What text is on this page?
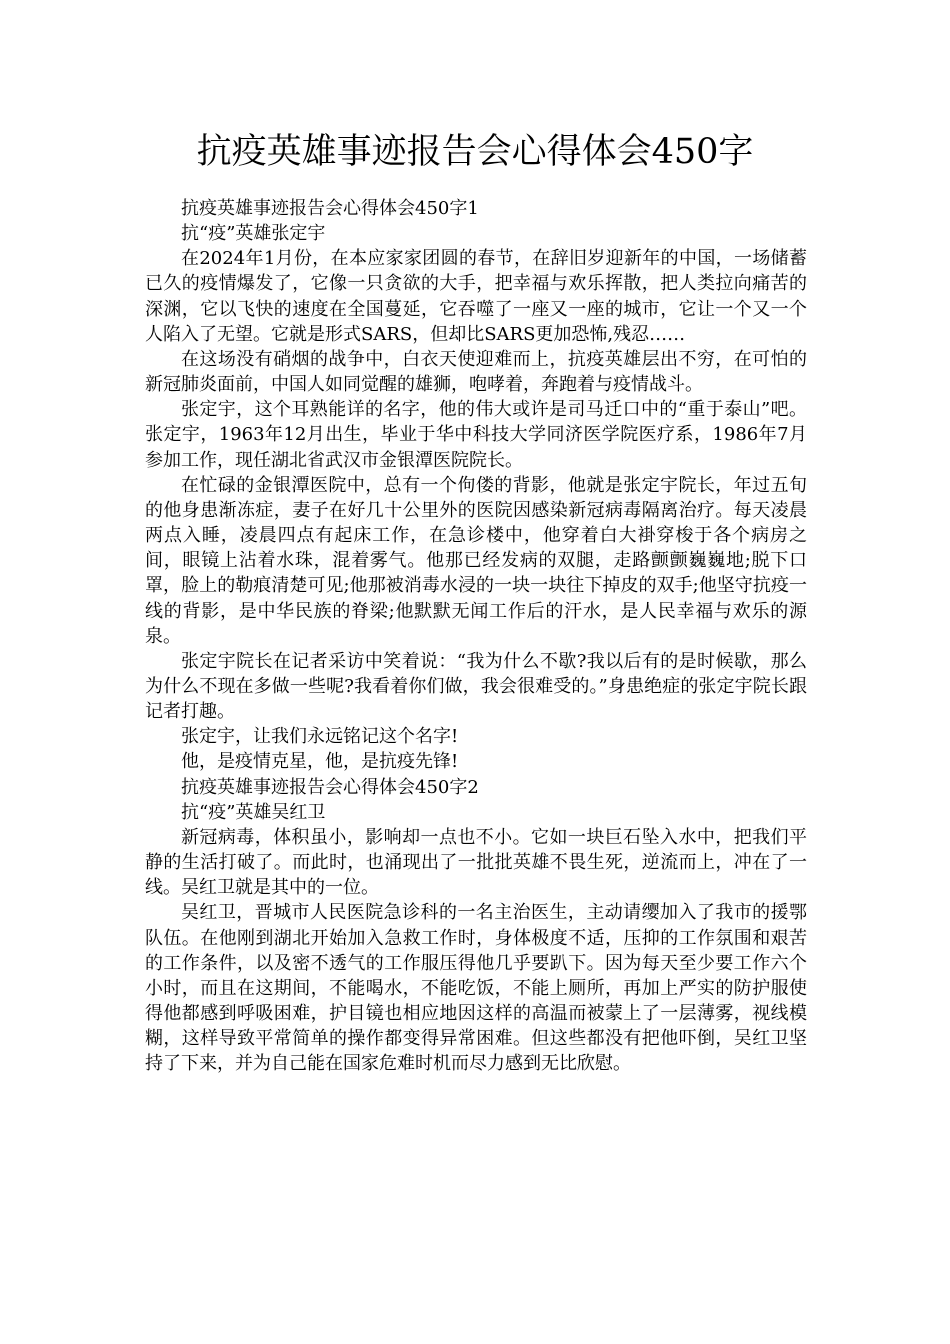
抗疫英雄事迹报告会心得体会450字

抗疫英雄事迹报告会心得体会450字1

抗“疫”英雄张定宇

在2024年1月份，在本应家家团圆的春节，在辞旧岁迎新年的中国，一场储蓄已久的疫情爆发了，它像一只贪欲的大手，把幸福与欢乐挥散，把人类拉向痛苦的深渊，它以飞快的速度在全国蔓延，它吞噬了一座又一座的城市，它让一个又一个人陷入了无望。它就是形式SARS，但却比SARS更加恐怖,残忍……

在这场没有硝烟的战争中，白衣天使迎难而上，抗疫英雄层出不穷，在可怕的新冠肺炎面前，中国人如同觉醒的雄狮，咆哮着，奔跑着与疫情战斗。

张定宇，这个耳熟能详的名字，他的伟大或许是司马迁口中的“重于泰山”吧。张定宇，1963年12月出生，毕业于华中科技大学同济医学院医疗系，1986年7月参加工作，现任湖北省武汉市金银潭医院院长。

在忙碌的金银潭医院中，总有一个佝偻的背影，他就是张定宇院长，年过五旬的他身患渐冻症，妻子在好几十公里外的医院因感染新冠病毒隔离治疗。每天凌晨两点入睡，凌晨四点有起床工作，在急诊楼中，他穿着白大褂穿梭于各个病房之间，眼镜上沾着水珠，混着雾气。他那已经发病的双腿，走路颤颤巍巍地;脱下口罩，脸上的勒痕清楚可见;他那被消毒水浸的一块一块往下掉皮的双手;他坚守抗疫一线的背影，是中华民族的脊梁;他默默无闻工作后的汗水，是人民幸福与欢乐的源泉。

张定宇院长在记者采访中笑着说：“我为什么不歇?我以后有的是时候歇，那么为什么不现在多做一些呢?我看着你们做，我会很难受的。”身患绝症的张定宇院长跟记者打趣。

张定宇，让我们永远铭记这个名字!

他，是疫情克星，他，是抗疫先锋!

抗疫英雄事迹报告会心得体会450字2

抗“疫”英雄吴红卫

新冠病毒，体积虽小，影响却一点也不小。它如一块巨石坠入水中，把我们平静的生活打破了。而此时，也涌现出了一批批英雄不畏生死，逆流而上，冲在了一线。吴红卫就是其中的一位。

吴红卫，晋城市人民医院急诊科的一名主治医生，主动请缨加入了我市的援鄂队伍。在他刚到湖北开始加入急救工作时，身体极度不适，压抑的工作氛围和艰苦的工作条件，以及密不透气的工作服压得他几乎要趴下。因为每天至少要工作六个小时，而且在这期间，不能喝水，不能吃饭，不能上厕所，再加上严实的防护服使得他都感到呼吸困难，护目镜也相应地因这样的高温而被蒙上了一层薄雾，视线模糊，这样导致平常简单的操作都变得异常困难。但这些都没有把他吓倒，吴红卫坚持了下来，并为自己能在国家危难时机而尽力感到无比欣慰。
